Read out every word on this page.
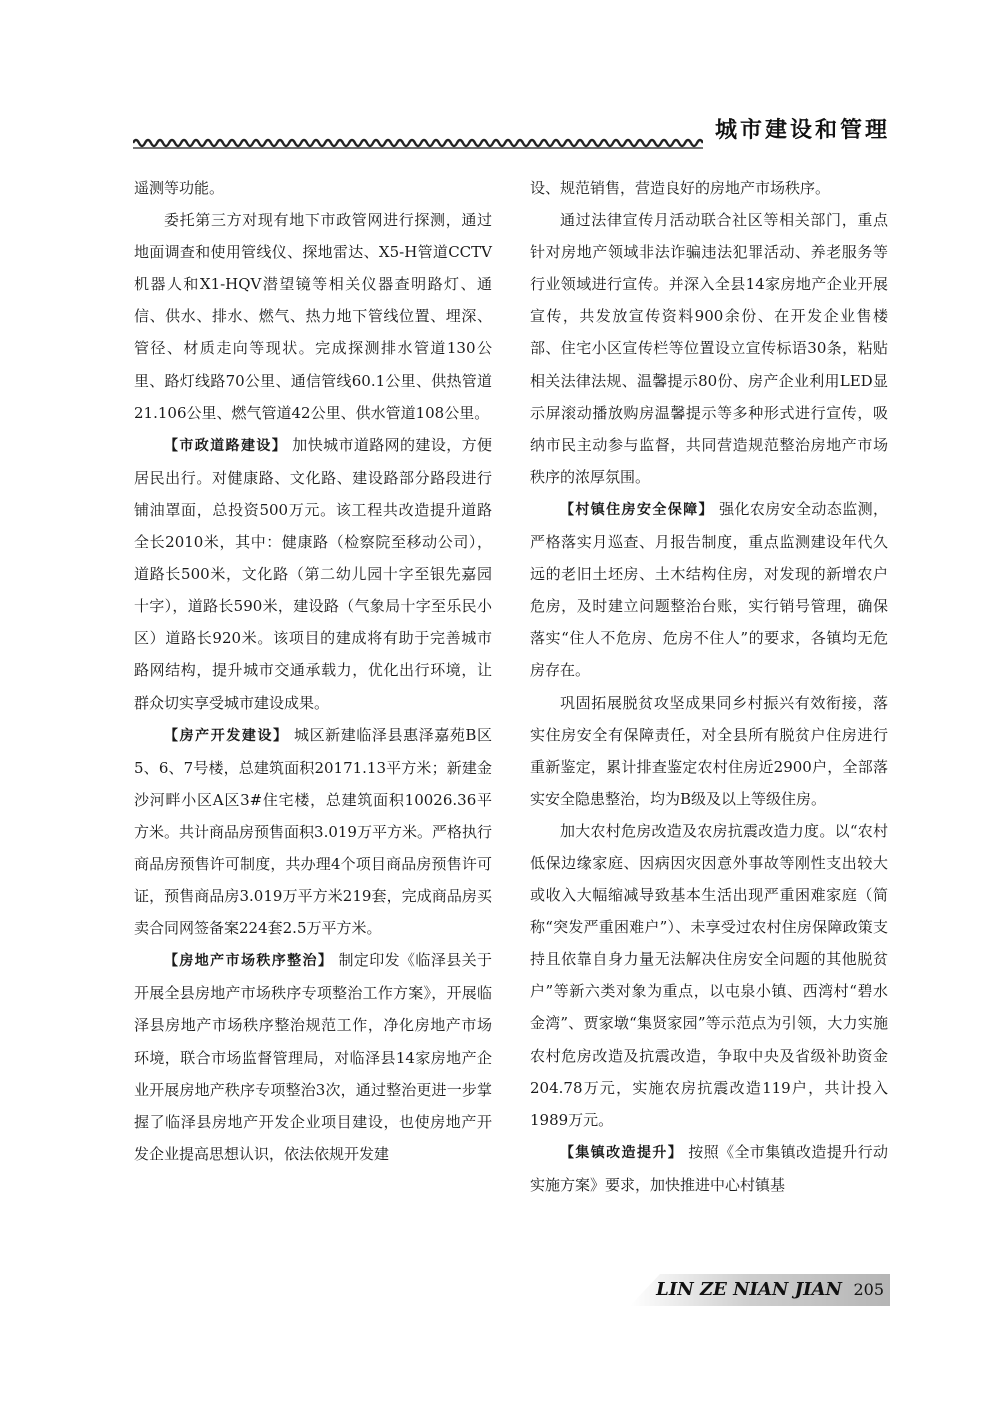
城市建设和管理

遥测等功能。

委托第三方对现有地下市政管网进行探测，通过地面调查和使用管线仪、探地雷达、X5-H管道CCTV机器人和X1-HQV潜望镜等相关仪器查明路灯、通信、供水、排水、燃气、热力地下管线位置、埋深、管径、材质走向等现状。完成探测排水管道130公里、路灯线路70公里、通信管线60.1公里、供热管道21.106公里、燃气管道42公里、供水管道108公里。

【市政道路建设】 加快城市道路网的建设，方便居民出行。对健康路、文化路、建设路部分路段进行铺油罩面，总投资500万元。该工程共改造提升道路全长2010米，其中：健康路（检察院至移动公司），道路长500米，文化路（第二幼儿园十字至银先嘉园十字），道路长590米，建设路（气象局十字至乐民小区）道路长920米。该项目的建成将有助于完善城市路网结构，提升城市交通承载力，优化出行环境，让群众切实享受城市建设成果。

【房产开发建设】 城区新建临泽县惠泽嘉苑B区5、6、7号楼，总建筑面积20171.13平方米；新建金沙河畔小区A区3#住宅楼，总建筑面积10026.36平方米。共计商品房预售面积3.019万平方米。严格执行商品房预售许可制度，共办理4个项目商品房预售许可证，预售商品房3.019万平方米219套，完成商品房买卖合同网签备案224套2.5万平方米。

【房地产市场秩序整治】 制定印发《临泽县关于开展全县房地产市场秩序专项整治工作方案》，开展临泽县房地产市场秩序整治规范工作，净化房地产市场环境，联合市场监督管理局，对临泽县14家房地产企业开展房地产秩序专项整治3次，通过整治更进一步掌握了临泽县房地产开发企业项目建设，也使房地产开发企业提高思想认识，依法依规开发建

设、规范销售，营造良好的房地产市场秩序。

通过法律宣传月活动联合社区等相关部门，重点针对房地产领域非法诈骗违法犯罪活动、养老服务等行业领域进行宣传。并深入全县14家房地产企业开展宣传，共发放宣传资料900余份、在开发企业售楼部、住宅小区宣传栏等位置设立宣传标语30条，粘贴相关法律法规、温馨提示80份、房产企业利用LED显示屏滚动播放购房温馨提示等多种形式进行宣传，吸纳市民主动参与监督，共同营造规范整治房地产市场秩序的浓厚氛围。

【村镇住房安全保障】 强化农房安全动态监测，严格落实月巡查、月报告制度，重点监测建设年代久远的老旧土坯房、土木结构住房，对发现的新增农户危房，及时建立问题整治台账，实行销号管理，确保落实“住人不危房、危房不住人”的要求，各镇均无危房存在。

巩固拓展脱贫攻坚成果同乡村振兴有效衔接，落实住房安全有保障责任，对全县所有脱贫户住房进行重新鉴定，累计排查鉴定农村住房近2900户，全部落实安全隐患整治，均为B级及以上等级住房。

加大农村危房改造及农房抗震改造力度。以“农村低保边缘家庭、因病因灾因意外事故等刚性支出较大或收入大幅缩减导致基本生活出现严重困难家庭（简称“突发严重困难户”）、未享受过农村住房保障政策支持且依靠自身力量无法解决住房安全问题的其他脱贫户”等新六类对象为重点，以屯泉小镇、西湾村“碧水金湾”、贾家墩“集贤家园”等示范点为引领，大力实施农村危房改造及抗震改造，争取中央及省级补助资金204.78万元，实施农房抗震改造119户，共计投入1989万元。

【集镇改造提升】 按照《全市集镇改造提升行动实施方案》要求，加快推进中心村镇基

LIN ZE NIAN JIAN 205
